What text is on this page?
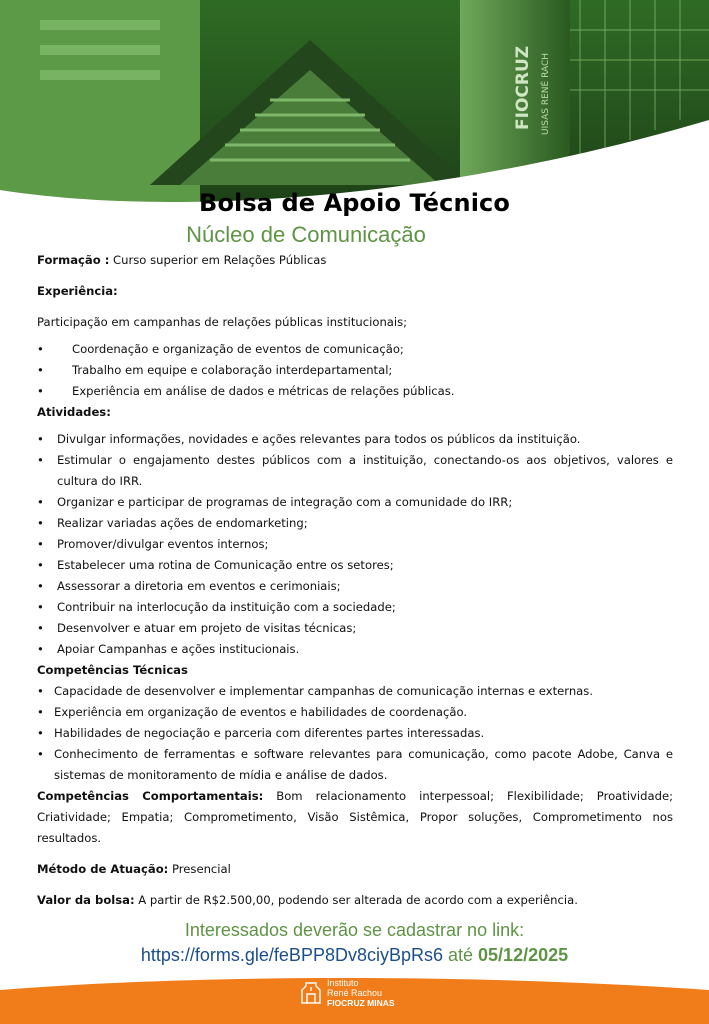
FIOCRUZ UISAS RENÉ RACH
Bolsa de Apoio Técnico
Núcleo de Comunicação

Formação : Curso superior em Relações Públicas

Experiência:

Participação em campanhas de relações públicas institucionais;

• Coordenação e organização de eventos de comunicação;
• Trabalho em equipe e colaboração interdepartamental;
• Experiência em análise de dados e métricas de relações públicas.

Atividades:

• Divulgar informações, novidades e ações relevantes para todos os públicos da instituição.
• Estimular o engajamento destes públicos com a instituição, conectando-os aos objetivos, valores e cultura do IRR.
• Organizar e participar de programas de integração com a comunidade do IRR;
• Realizar variadas ações de endomarketing;
• Promover/divulgar eventos internos;
• Estabelecer uma rotina de Comunicação entre os setores;
• Assessorar a diretoria em eventos e cerimoniais;
• Contribuir na interlocução da instituição com a sociedade;
• Desenvolver e atuar em projeto de visitas técnicas;
• Apoiar Campanhas e ações institucionais.

Competências Técnicas

• Capacidade de desenvolver e implementar campanhas de comunicação internas e externas.
• Experiência em organização de eventos e habilidades de coordenação.
• Habilidades de negociação e parceria com diferentes partes interessadas.
• Conhecimento de ferramentas e software relevantes para comunicação, como pacote Adobe, Canva e sistemas de monitoramento de mídia e análise de dados.

Competências Comportamentais: Bom relacionamento interpessoal; Flexibilidade; Proatividade; Criatividade; Empatia; Comprometimento, Visão Sistêmica, Propor soluções, Comprometimento nos resultados.

Método de Atuação: Presencial

Valor da bolsa: A partir de R$2.500,00, podendo ser alterada de acordo com a experiência.

Interessados deverão se cadastrar no link:
https://forms.gle/feBPP8Dv8ciyBpRs6 até 05/12/2025
Instituto
René Rachou
FIOCRUZ MINAS
